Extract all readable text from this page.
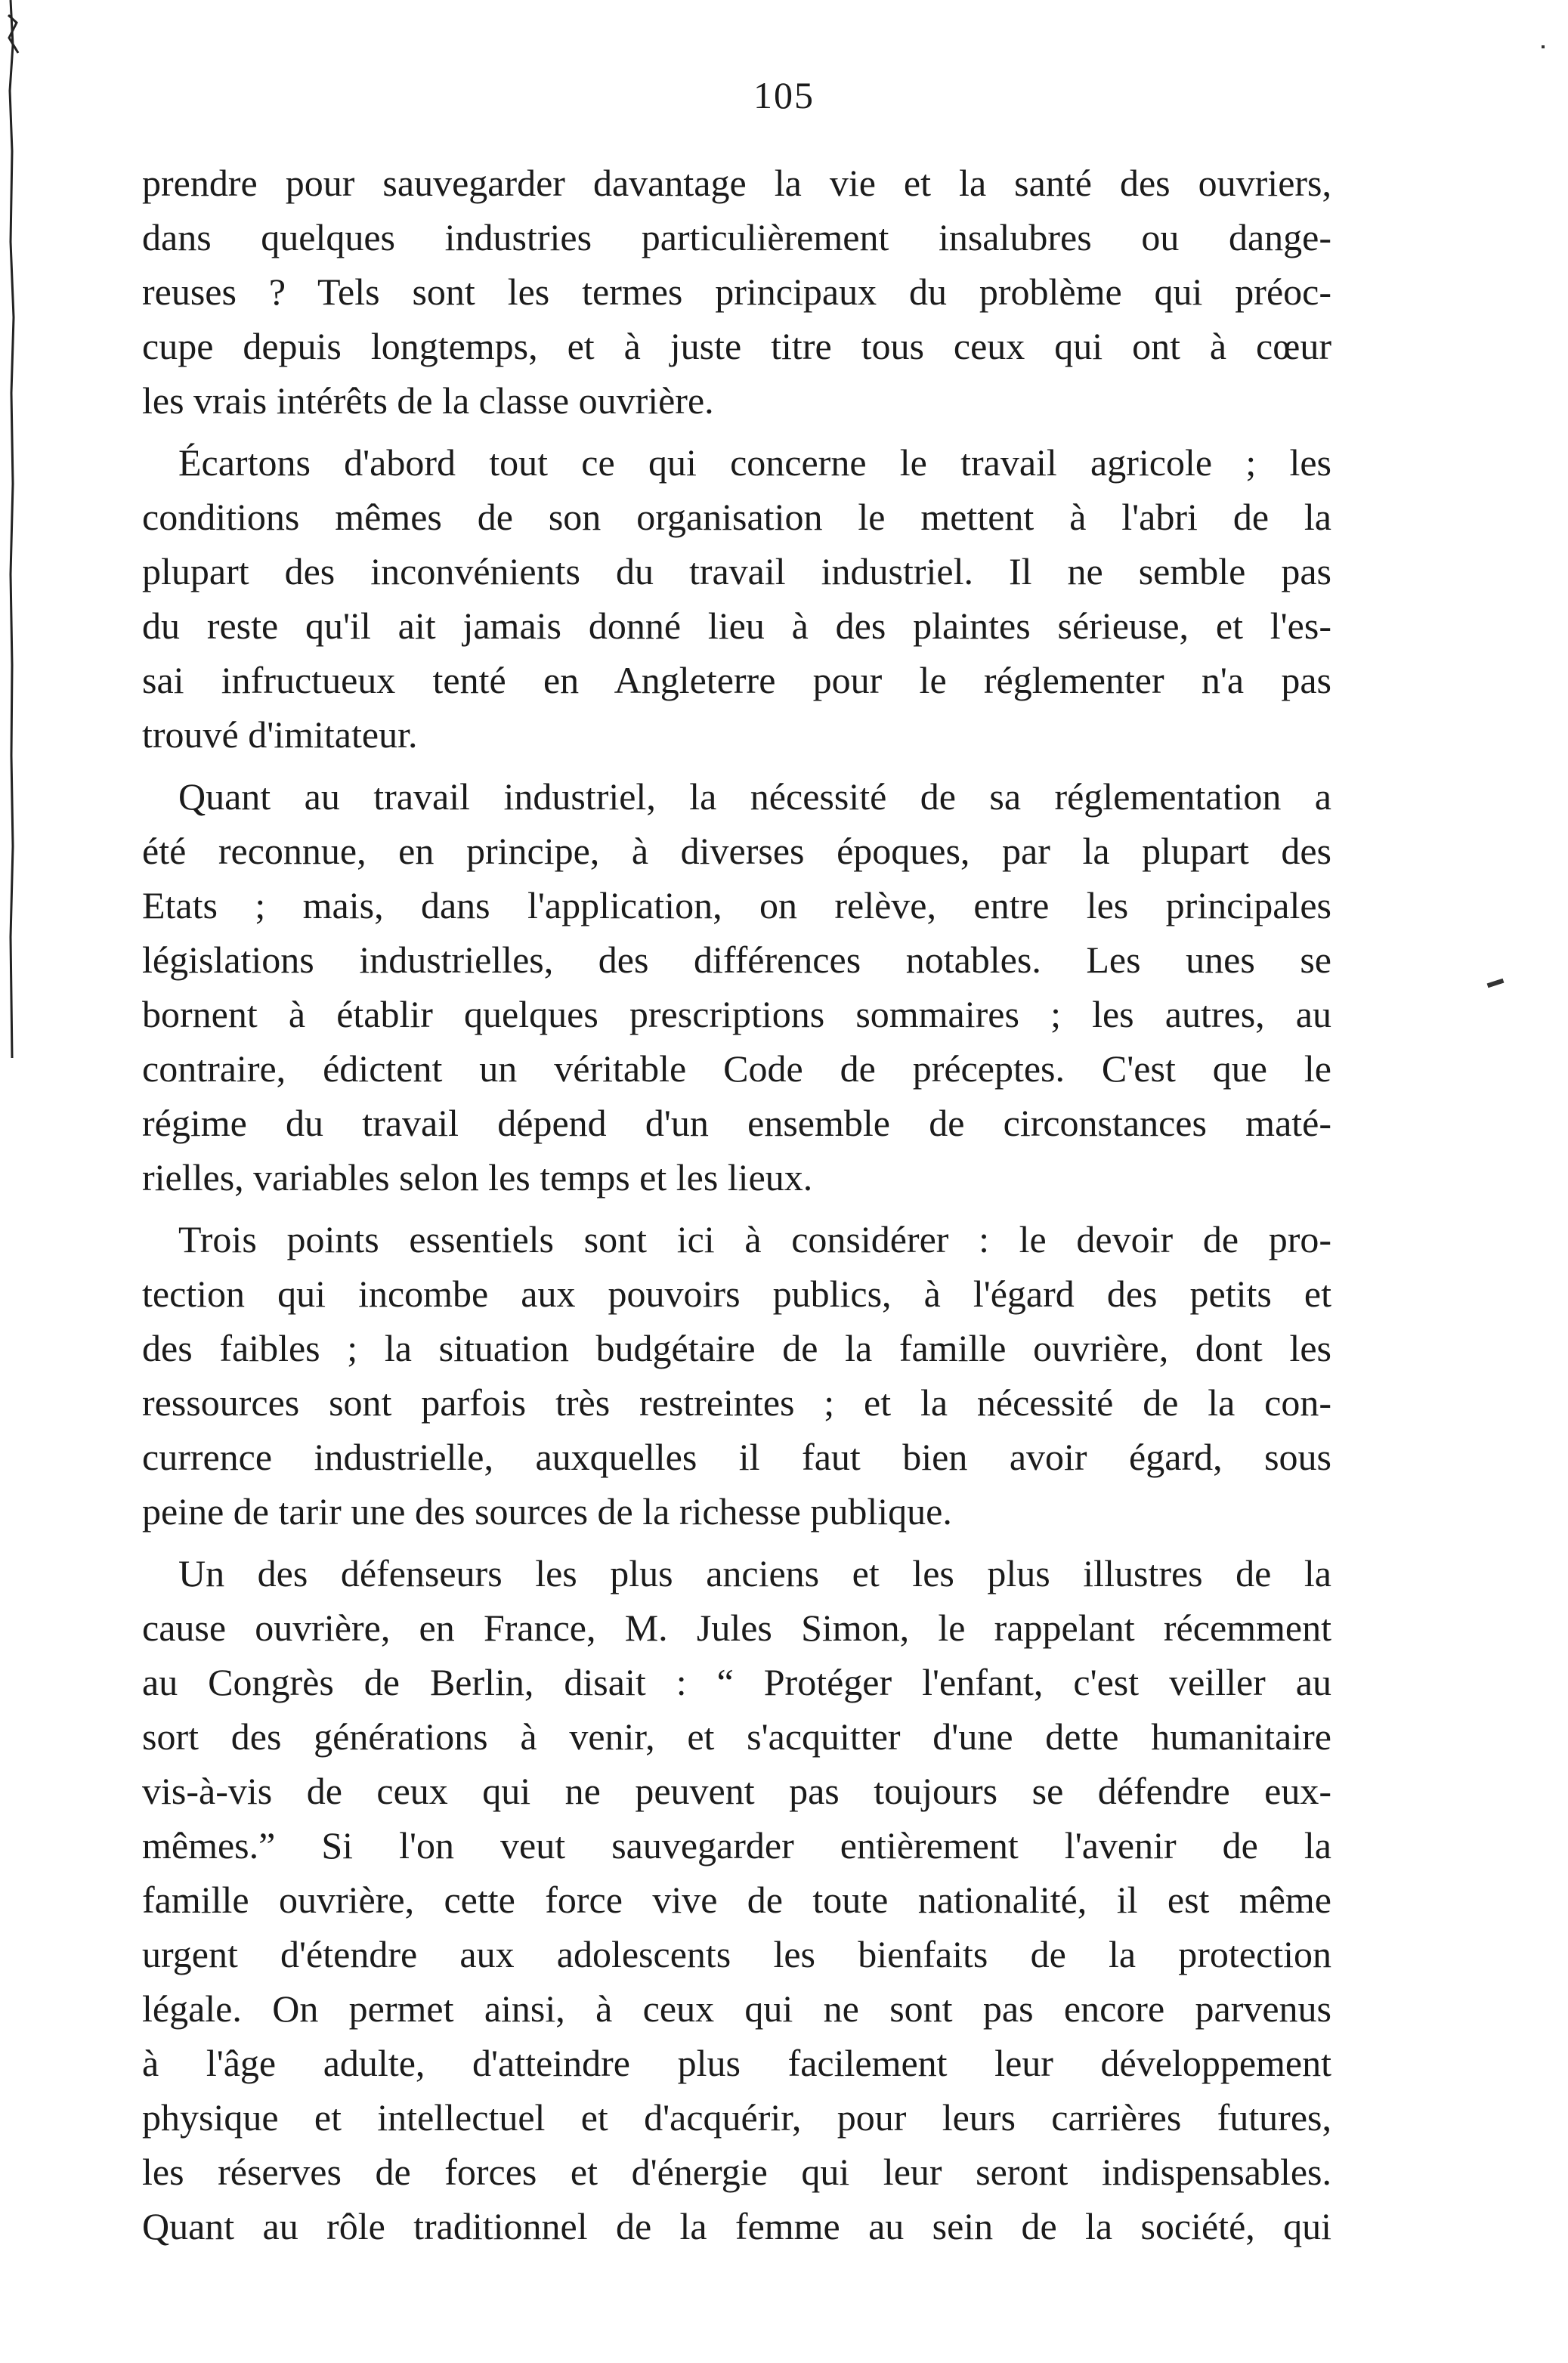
105
prendre pour sauvegarder davantage la vie et la santé des ouvriers,
dans quelques industries particulièrement insalubres ou dange-
reuses ? Tels sont les termes principaux du problème qui préoc-
cupe depuis longtemps, et à juste titre tous ceux qui ont à cœur
les vrais intérêts de la classe ouvrière.
Écartons d'abord tout ce qui concerne le travail agricole ; les
conditions mêmes de son organisation le mettent à l'abri de la
plupart des inconvénients du travail industriel. Il ne semble pas
du reste qu'il ait jamais donné lieu à des plaintes sérieuse, et l'es-
sai infructueux tenté en Angleterre pour le réglementer n'a pas
trouvé d'imitateur.
Quant au travail industriel, la nécessité de sa réglementation a
été reconnue, en principe, à diverses époques, par la plupart des
Etats ; mais, dans l'application, on relève, entre les principales
législations industrielles, des différences notables. Les unes se
bornent à établir quelques prescriptions sommaires ; les autres, au
contraire, édictent un véritable Code de préceptes. C'est que le
régime du travail dépend d'un ensemble de circonstances maté-
rielles, variables selon les temps et les lieux.
Trois points essentiels sont ici à considérer : le devoir de pro-
tection qui incombe aux pouvoirs publics, à l'égard des petits et
des faibles ; la situation budgétaire de la famille ouvrière, dont les
ressources sont parfois très restreintes ; et la nécessité de la con-
currence industrielle, auxquelles il faut bien avoir égard, sous
peine de tarir une des sources de la richesse publique.
Un des défenseurs les plus anciens et les plus illustres de la
cause ouvrière, en France, M. Jules Simon, le rappelant récemment
au Congrès de Berlin, disait : “ Protéger l'enfant, c'est veiller au
sort des générations à venir, et s'acquitter d'une dette humanitaire
vis-à-vis de ceux qui ne peuvent pas toujours se défendre eux-
mêmes.” Si l'on veut sauvegarder entièrement l'avenir de la
famille ouvrière, cette force vive de toute nationalité, il est même
urgent d'étendre aux adolescents les bienfaits de la protection
légale. On permet ainsi, à ceux qui ne sont pas encore parvenus
à l'âge adulte, d'atteindre plus facilement leur développement
physique et intellectuel et d'acquérir, pour leurs carrières futures,
les réserves de forces et d'énergie qui leur seront indispensables.
Quant au rôle traditionnel de la femme au sein de la société, qui
